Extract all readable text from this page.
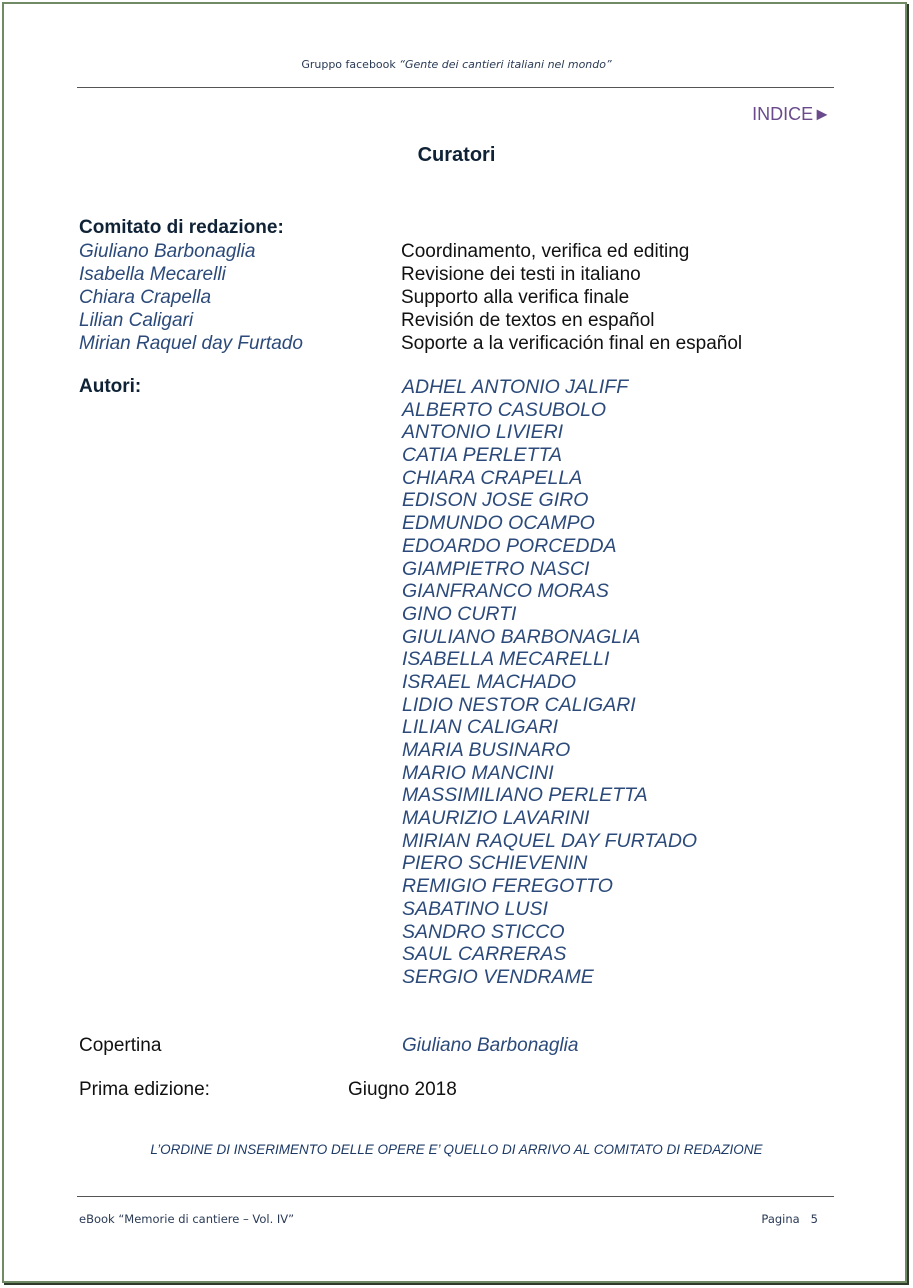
Gruppo facebook “Gente dei cantieri italiani nel mondo”
INDICE►
Curatori
Comitato di redazione:
Giuliano Barbonaglia	Coordinamento, verifica ed editing
Isabella Mecarelli	Revisione dei testi in italiano
Chiara Crapella	Supporto alla verifica finale
Lilian Caligari	Revisión de textos en español
Mirian Raquel day Furtado	Soporte a la verificación final en español
Autori:	ADHEL ANTONIO JALIFF
ALBERTO CASUBOLO
ANTONIO LIVIERI
CATIA PERLETTA
CHIARA CRAPELLA
EDISON JOSE GIRO
EDMUNDO OCAMPO
EDOARDO PORCEDDA
GIAMPIETRO NASCI
GIANFRANCO MORAS
GINO CURTI
GIULIANO BARBONAGLIA
ISABELLA MECARELLI
ISRAEL MACHADO
LIDIO NESTOR CALIGARI
LILIAN CALIGARI
MARIA BUSINARO
MARIO MANCINI
MASSIMILIANO PERLETTA
MAURIZIO LAVARINI
MIRIAN RAQUEL DAY FURTADO
PIERO SCHIEVENIN
REMIGIO FEREGOTTO
SABATINO LUSI
SANDRO STICCO
SAUL CARRERAS
SERGIO VENDRAME
Copertina	Giuliano Barbonaglia
Prima edizione:	Giugno 2018
L’ORDINE DI INSERIMENTO DELLE OPERE E’ QUELLO DI ARRIVO AL COMITATO DI REDAZIONE
eBook “Memorie di cantiere – Vol. IV”	Pagina   5
